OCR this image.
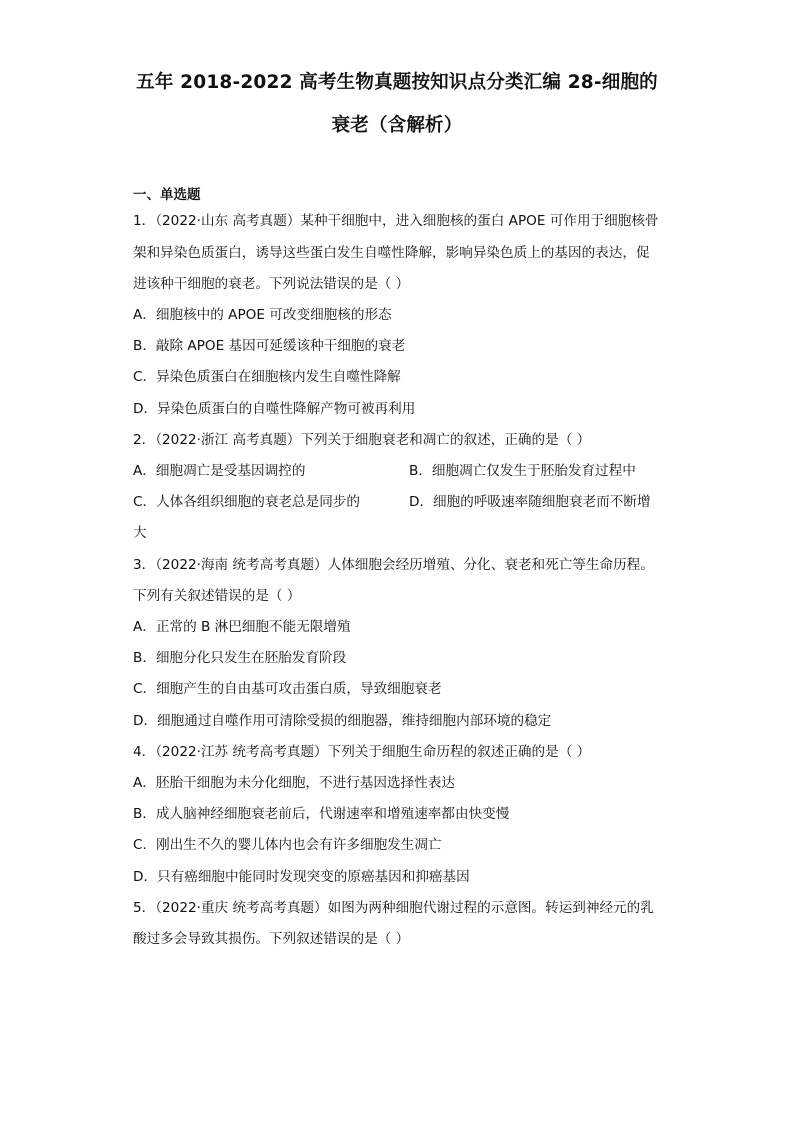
五年 2018-2022 高考生物真题按知识点分类汇编 28-细胞的
衰老（含解析）
一、单选题
1．（2022·山东 高考真题）某种干细胞中，进入细胞核的蛋白 APOE 可作用于细胞核骨
架和异染色质蛋白，诱导这些蛋白发生自噬性降解，影响异染色质上的基因的表达，促
进该种干细胞的衰老。下列说法错误的是（ ）
A．细胞核中的 APOE 可改变细胞核的形态
B．敲除 APOE 基因可延缓该种干细胞的衰老
C．异染色质蛋白在细胞核内发生自噬性降解
D．异染色质蛋白的自噬性降解产物可被再利用
2．（2022·浙江 高考真题）下列关于细胞衰老和凋亡的叙述，正确的是（ ）
A．细胞凋亡是受基因调控的	B．细胞凋亡仅发生于胚胎发育过程中
C．人体各组织细胞的衰老总是同步的	D．细胞的呼吸速率随细胞衰老而不断增
大
3．（2022·海南 统考高考真题）人体细胞会经历增殖、分化、衰老和死亡等生命历程。
下列有关叙述错误的是（ ）
A．正常的 B 淋巴细胞不能无限增殖
B．细胞分化只发生在胚胎发育阶段
C．细胞产生的自由基可攻击蛋白质，导致细胞衰老
D．细胞通过自噬作用可清除受损的细胞器，维持细胞内部环境的稳定
4．（2022·江苏 统考高考真题）下列关于细胞生命历程的叙述正确的是（ ）
A．胚胎干细胞为未分化细胞，不进行基因选择性表达
B．成人脑神经细胞衰老前后，代谢速率和增殖速率都由快变慢
C．刚出生不久的婴儿体内也会有许多细胞发生凋亡
D．只有癌细胞中能同时发现突变的原癌基因和抑癌基因
5．（2022·重庆 统考高考真题）如图为两种细胞代谢过程的示意图。转运到神经元的乳
酸过多会导致其损伤。下列叙述错误的是（ ）
